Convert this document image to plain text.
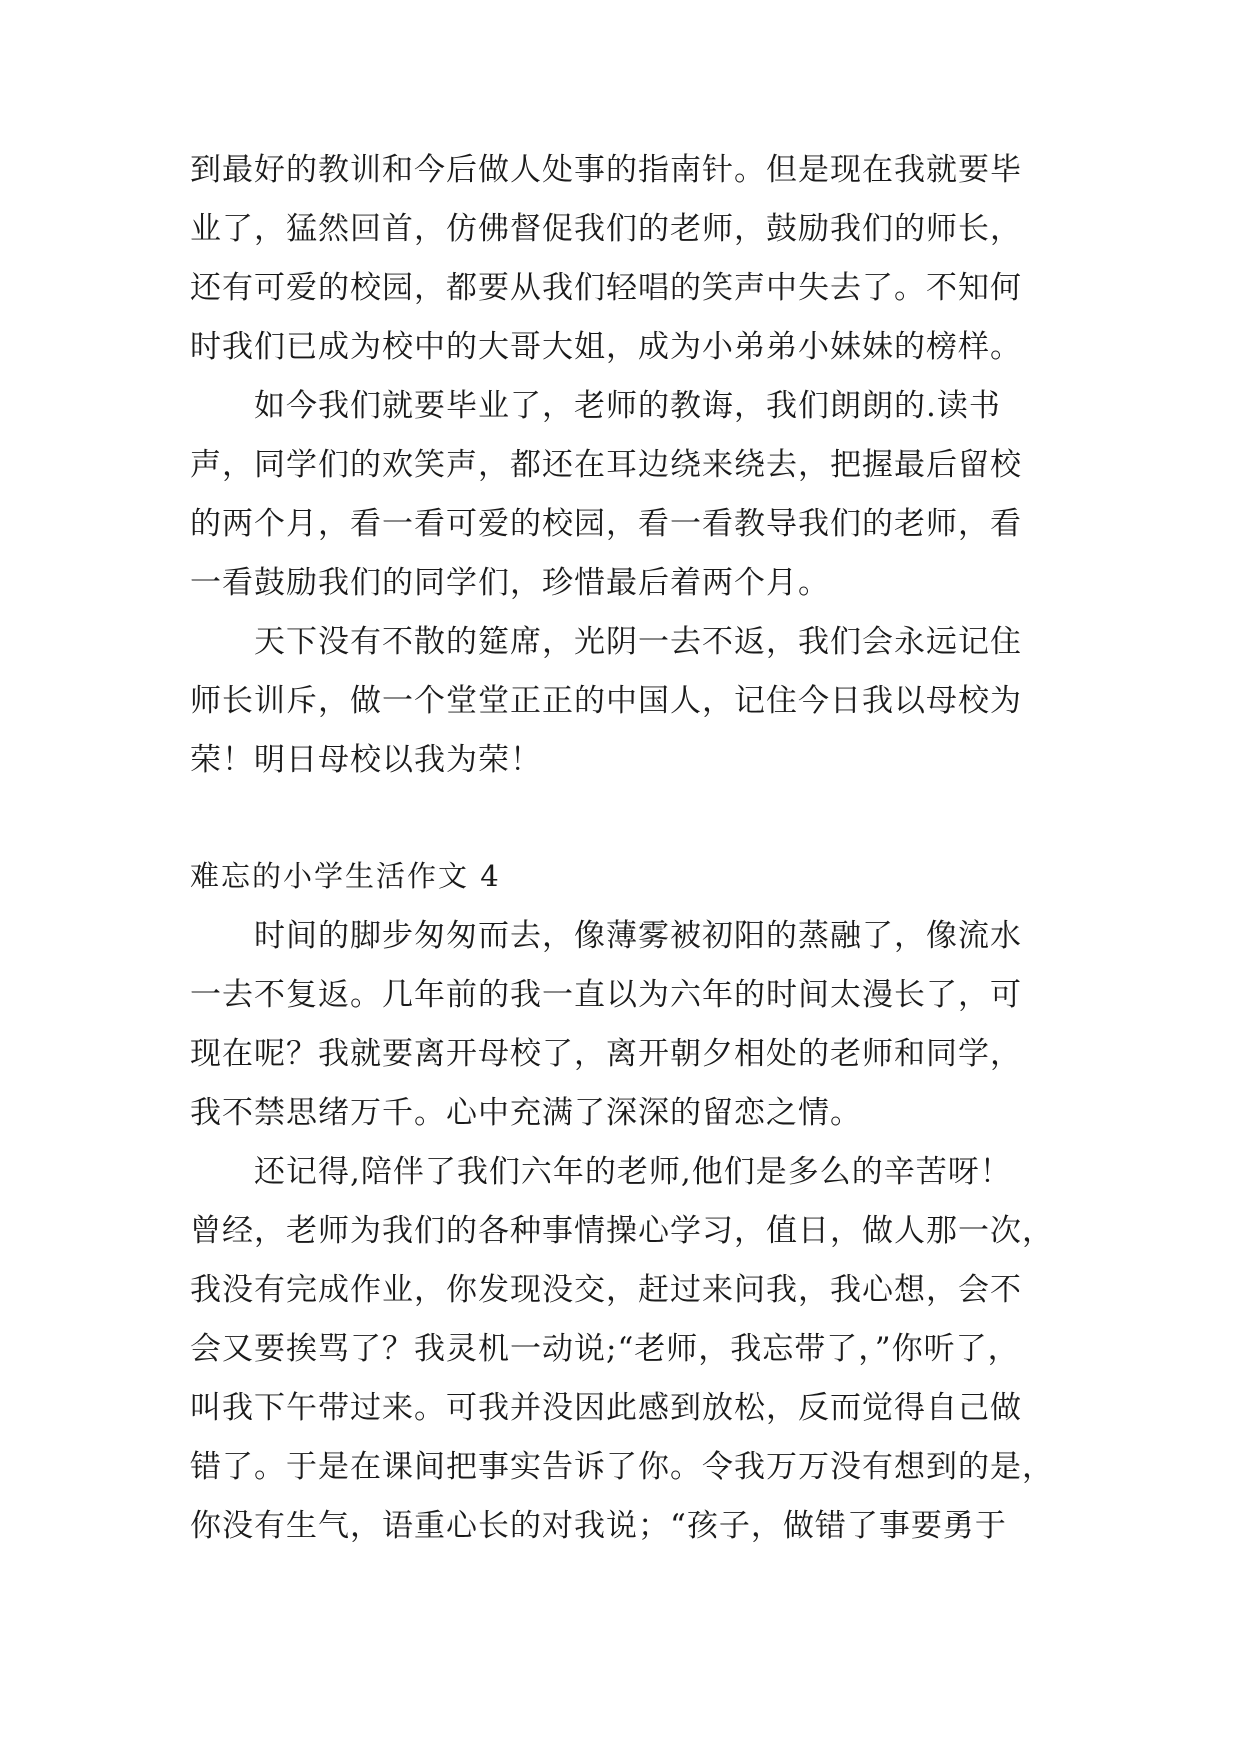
到最好的教训和今后做人处事的指南针。但是现在我就要毕
业了，猛然回首，仿佛督促我们的老师，鼓励我们的师长，
还有可爱的校园，都要从我们轻唱的笑声中失去了。不知何
时我们已成为校中的大哥大姐，成为小弟弟小妹妹的榜样。
如今我们就要毕业了，老师的教诲，我们朗朗的.读书
声，同学们的欢笑声，都还在耳边绕来绕去，把握最后留校
的两个月，看一看可爱的校园，看一看教导我们的老师，看
一看鼓励我们的同学们，珍惜最后着两个月。
天下没有不散的筵席，光阴一去不返，我们会永远记住
师长训斥，做一个堂堂正正的中国人，记住今日我以母校为
荣！明日母校以我为荣！
难忘的小学生活作文 4
时间的脚步匆匆而去，像薄雾被初阳的蒸融了，像流水
一去不复返。几年前的我一直以为六年的时间太漫长了，可
现在呢？我就要离开母校了，离开朝夕相处的老师和同学，
我不禁思绪万千。心中充满了深深的留恋之情。
还记得,陪伴了我们六年的老师,他们是多么的辛苦呀！
曾经，老师为我们的各种事情操心学习，值日，做人那一次，
我没有完成作业，你发现没交，赶过来问我，我心想，会不
会又要挨骂了？我灵机一动说;“老师，我忘带了，”你听了，
叫我下午带过来。可我并没因此感到放松，反而觉得自己做
错了。于是在课间把事实告诉了你。令我万万没有想到的是，
你没有生气，语重心长的对我说；“孩子，做错了事要勇于
